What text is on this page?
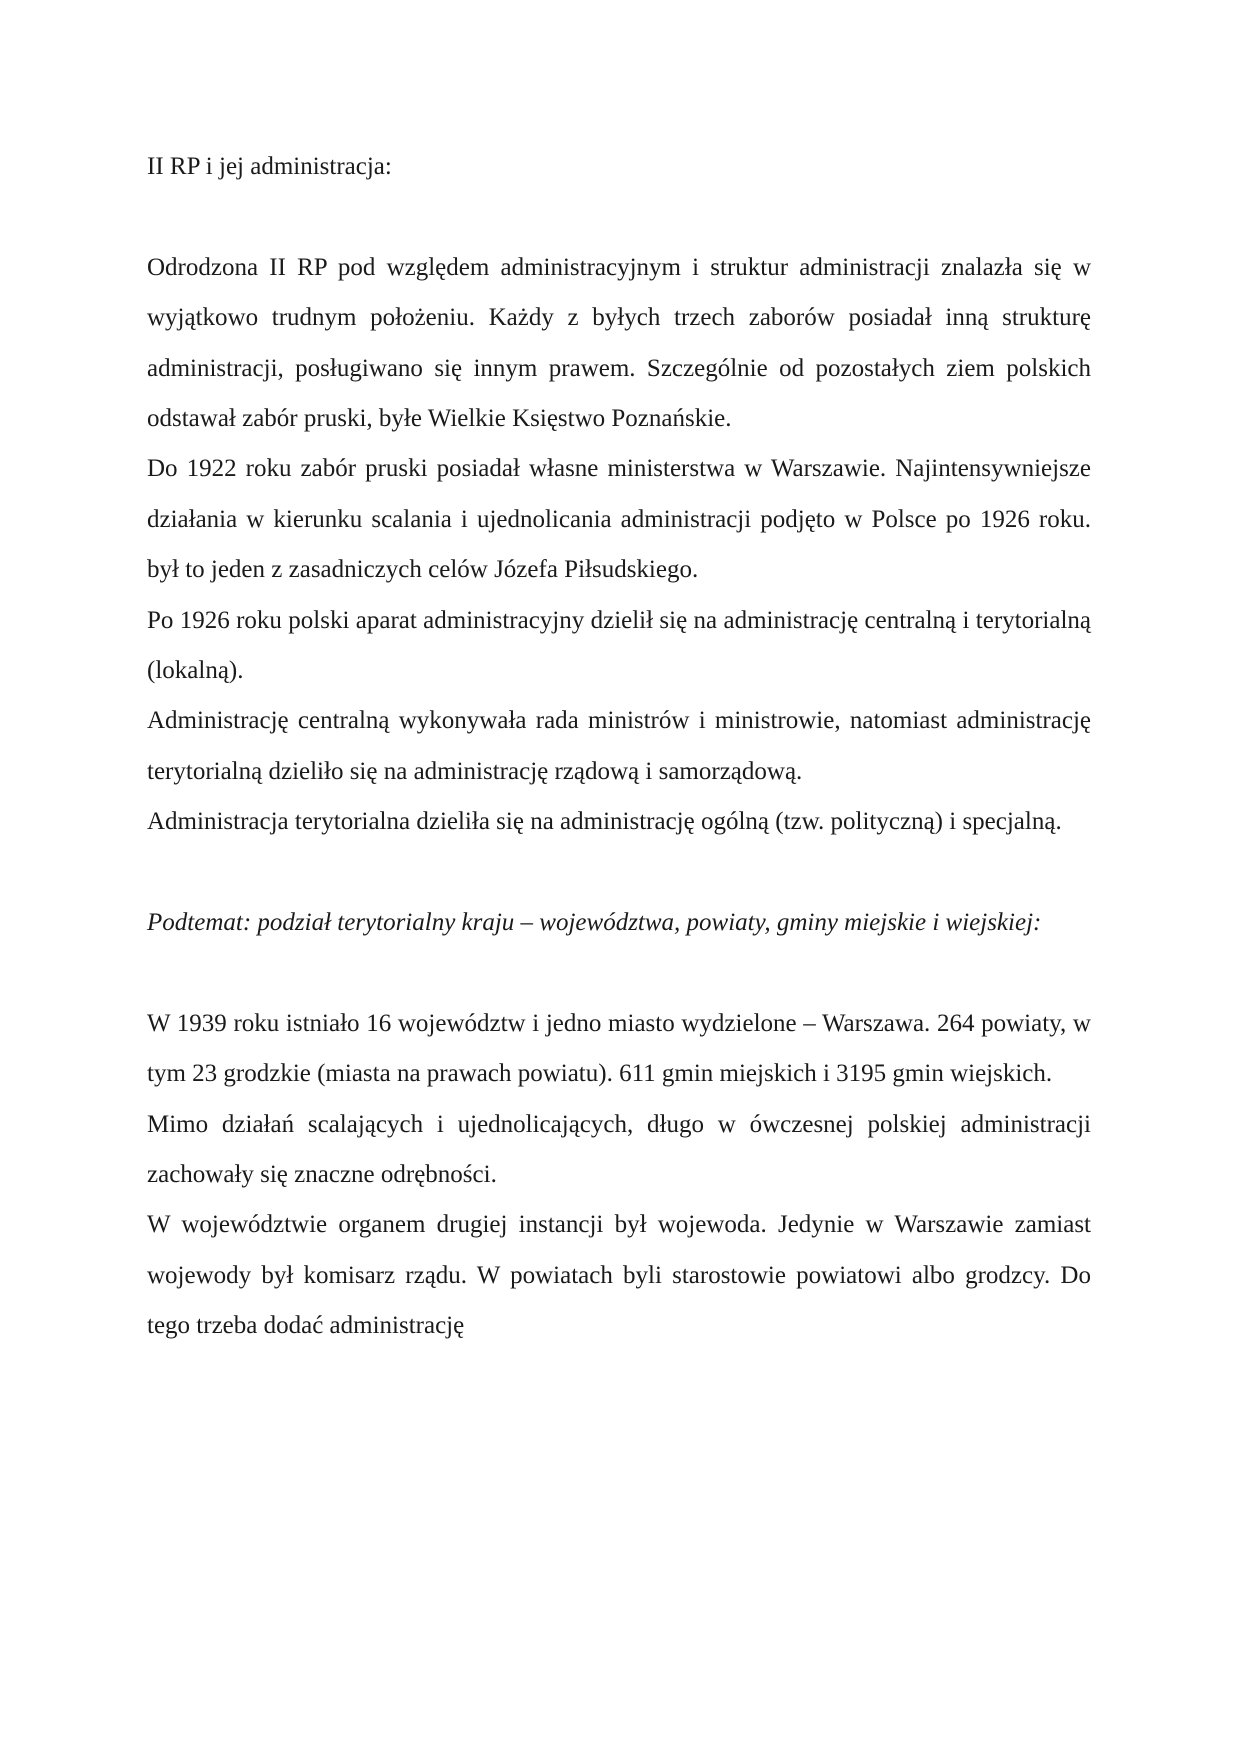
II RP i jej administracja:

Odrodzona II RP pod względem administracyjnym i struktur administracji znalazła się w wyjątkowo trudnym położeniu. Każdy z byłych trzech zaborów posiadał inną strukturę administracji, posługiwano się innym prawem. Szczególnie od pozostałych ziem polskich odstawał zabór pruski, byłe Wielkie Księstwo Poznańskie.

Do 1922 roku zabór pruski posiadał własne ministerstwa w Warszawie. Najintensywniejsze działania w kierunku scalania i ujednolicania administracji podjęto w Polsce po 1926 roku. był to jeden z zasadniczych celów Józefa Piłsudskiego.

Po 1926 roku polski aparat administracyjny dzielił się na administrację centralną i terytorialną (lokalną).

Administrację centralną wykonywała rada ministrów i ministrowie, natomiast administrację terytorialną dzieliło się na administrację rządową i samorządową.

Administracja terytorialna dzieliła się na administrację ogólną (tzw. polityczną) i specjalną.

Podtemat: podział terytorialny kraju – województwa, powiaty, gminy miejskie i wiejskiej:

W 1939 roku istniało 16 województw i jedno miasto wydzielone – Warszawa. 264 powiaty, w tym 23 grodzkie (miasta na prawach powiatu). 611 gmin miejskich i 3195 gmin wiejskich.

Mimo działań scalających i ujednolicających, długo w ówczesnej polskiej administracji zachowały się znaczne odrębności.

W województwie organem drugiej instancji był wojewoda. Jedynie w Warszawie zamiast wojewody był komisarz rządu. W powiatach byli starostowie powiatowi albo grodzcy. Do tego trzeba dodać administrację
